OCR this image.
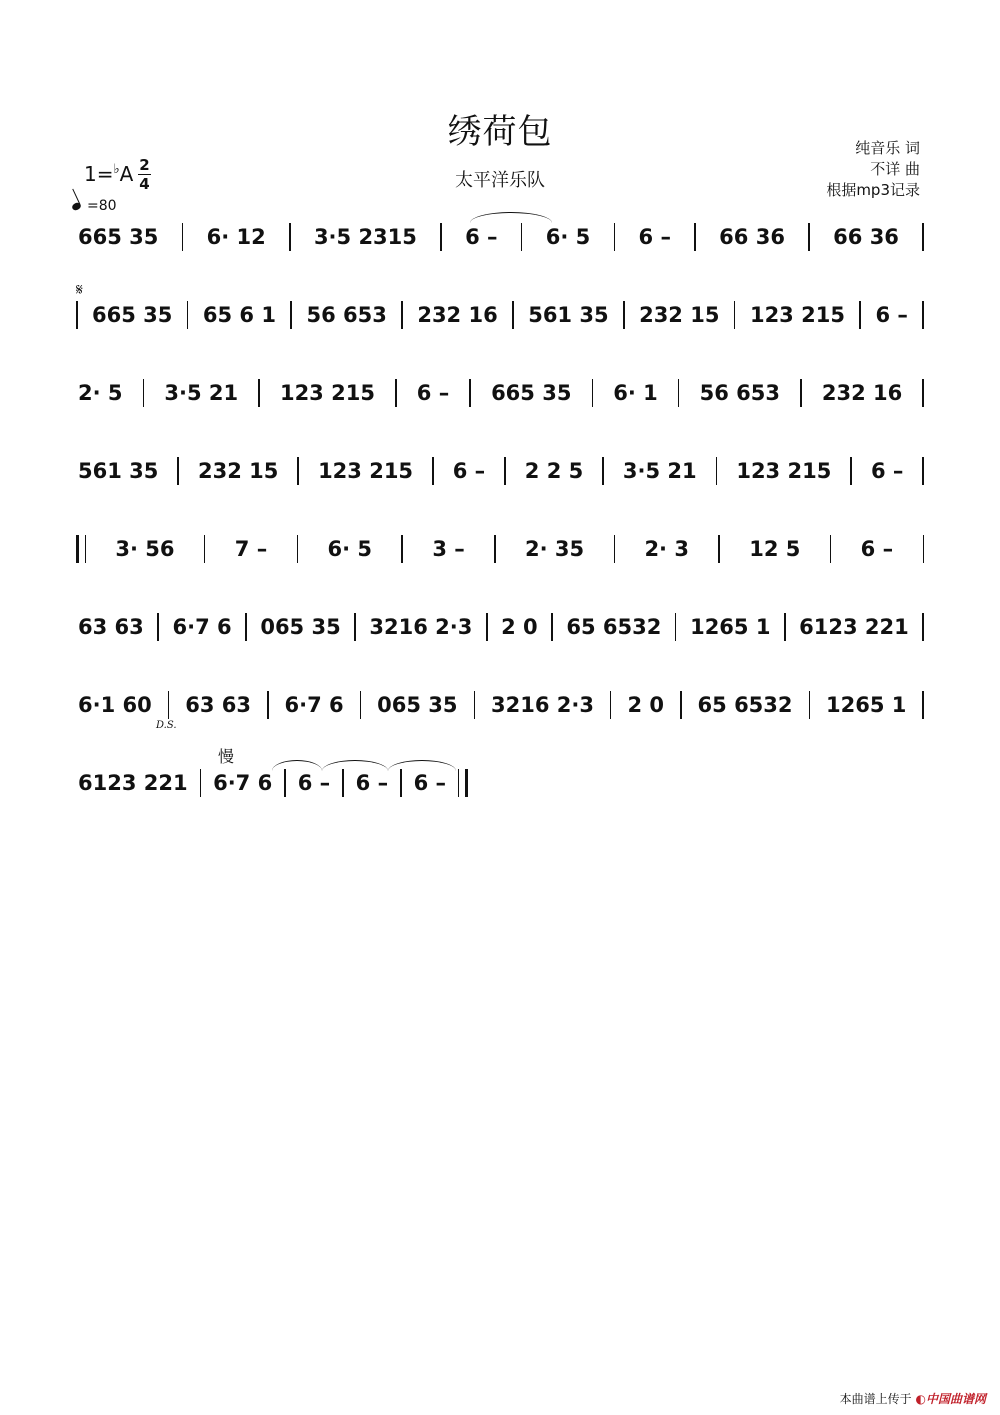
绣荷包
太平洋乐队
纯音乐 词
不详 曲
根据mp3记录
1=♭A 2
4
=80
𝄋
D.S.
慢
665 35 6· 12 3·5 2315 6 – 6· 5 6 – 66 36 66 36
665 35 65 6 1 56 653 232 16 561 35 232 15 123 215 6 –
2· 5 3·5 21 123 215 6 – 665 35 6· 1 56 653 232 16
561 35 232 15 123 215 6 – 2 2 5 3·5 21 123 215 6 –
3· 56	7 –	6· 5	3 –	2· 35	2· 3	12 5	6 –
63 63 6·7 6 065 35 3216 2·3 2 0 65 6532 1265 1 6123 221
6·1 60 63 63 6·7 6 065 35 3216 2·3 2 0 65 6532 1265 1
6123 221 6·7 6 6 – 6 – 6 –
本曲谱上传于 ◐中国曲谱网
